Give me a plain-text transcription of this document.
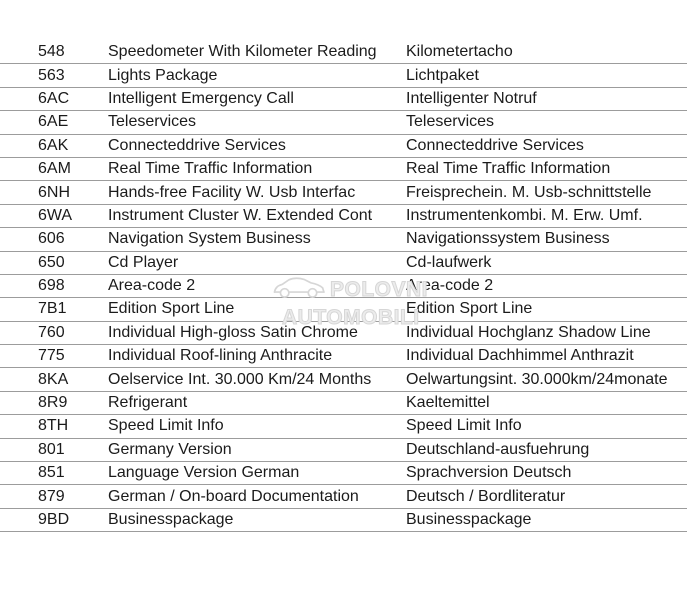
548	Speedometer With Kilometer Reading	Kilometertacho
563	Lights Package	Lichtpaket
6AC	Intelligent Emergency Call	Intelligenter Notruf
6AE	Teleservices	Teleservices
6AK	Connecteddrive Services	Connecteddrive Services
6AM	Real Time Traffic Information	Real Time Traffic Information
6NH	Hands-free Facility W. Usb Interfac	Freisprechein. M. Usb-schnittstelle
6WA	Instrument Cluster W. Extended Cont	Instrumentenkombi. M. Erw. Umf.
606	Navigation System Business	Navigationssystem Business
650	Cd Player	Cd-laufwerk
698	Area-code 2	Area-code 2
7B1	Edition Sport Line	Edition Sport Line
760	Individual High-gloss Satin Chrome	Individual Hochglanz Shadow Line
775	Individual Roof-lining Anthracite	Individual Dachhimmel Anthrazit
8KA	Oelservice Int. 30.000 Km/24 Months	Oelwartungsint. 30.000km/24monate
8R9	Refrigerant	Kaeltemittel
8TH	Speed Limit Info	Speed Limit Info
801	Germany Version	Deutschland-ausfuehrung
851	Language Version German	Sprachversion Deutsch
879	German / On-board Documentation	Deutsch / Bordliteratur
9BD	Businesspackage	Businesspackage
POLOVNI
AUTOMOBILI
